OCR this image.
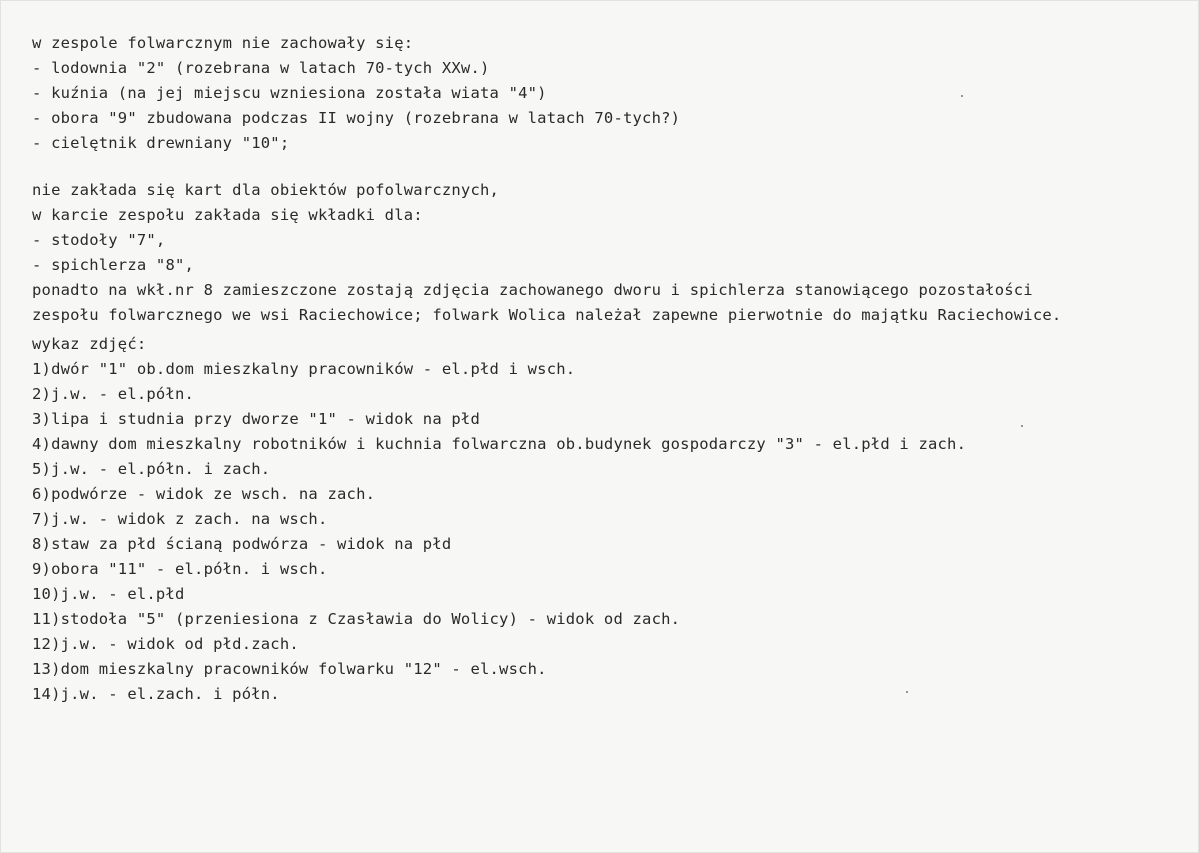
w zespole folwarcznym nie zachowały się:
- lodownia "2" (rozebrana w latach 70-tych XXw.)
- kuźnia (na jej miejscu wzniesiona została wiata "4")
- obora "9" zbudowana podczas II wojny (rozebrana w latach 70-tych?)
- cielętnik drewniany "10";
nie zakłada się kart dla obiektów pofolwarcznych,
w karcie zespołu zakłada się wkładki dla:
- stodoły "7",
- spichlerza "8",
ponadto na wkł.nr 8 zamieszczone zostają zdjęcia zachowanego dworu i spichlerza stanowiącego pozostałości
zespołu folwarcznego we wsi Raciechowice; folwark Wolica należał zapewne pierwotnie do majątku Raciechowice.
wykaz zdjęć:
1)dwór "1" ob.dom mieszkalny pracowników - el.płd i wsch.
2)j.w. - el.półn.
3)lipa i studnia przy dworze "1" - widok na płd
4)dawny dom mieszkalny robotników i kuchnia folwarczna ob.budynek gospodarczy "3" - el.płd i zach.
5)j.w. - el.półn. i zach.
6)podwórze - widok ze wsch. na zach.
7)j.w. - widok z zach. na wsch.
8)staw za płd ścianą podwórza - widok na płd
9)obora "11" - el.półn. i wsch.
10)j.w. - el.płd
11)stodoła "5" (przeniesiona z Czasławia do Wolicy) - widok od zach.
12)j.w. - widok od płd.zach.
13)dom mieszkalny pracowników folwarku "12" - el.wsch.
14)j.w. - el.zach. i półn.
